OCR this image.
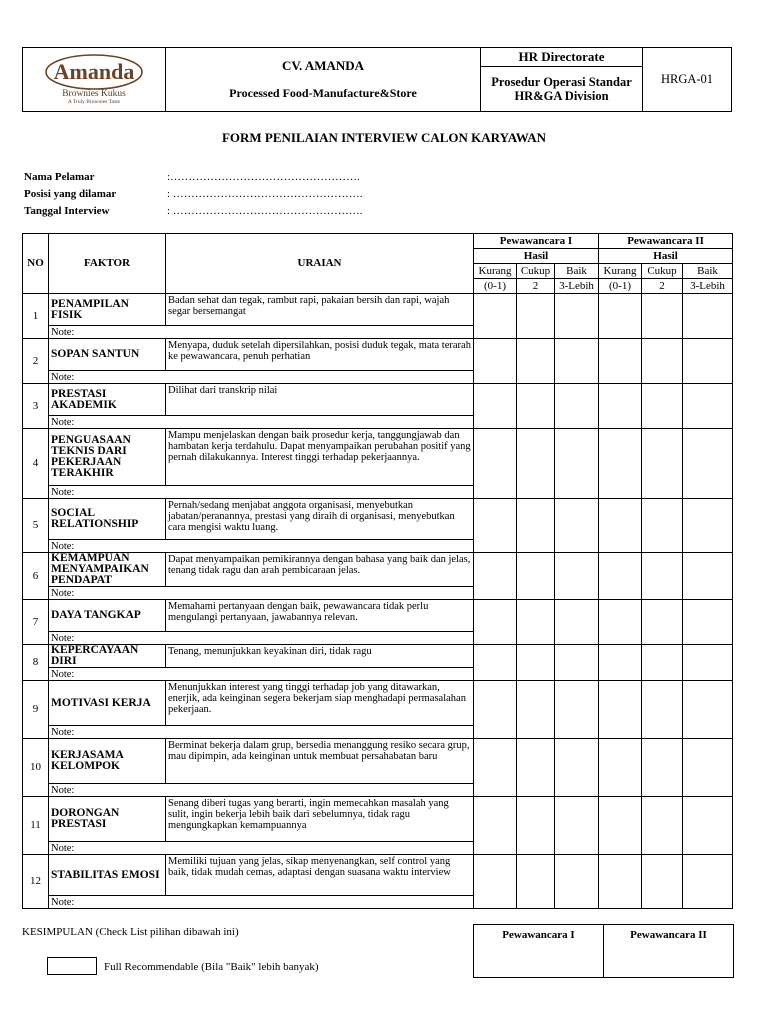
Amanda
Brownies Kukus
A Truly Brownies Taste

CV. AMANDA
Processed Food-Manufacture&Store
	HR Directorate	HRGA-01

Prosedur Operasi Standar
HR&GA Division
FORM PENILAIAN INTERVIEW CALON KARYAWAN
Nama Pelamar	:…………………………………………….
Posisi yang dilamar	: …………………………………………….
Tanggal Interview	: …………………………………………….
NO	FAKTOR	URAIAN	Pewawancara I			Pewawancara II		
			Hasil			Hasil		
			Kurang	Cukup	Baik	Kurang	Cukup	Baik
			(0-1)	2	3-Lebih	(0-1)	2	3-Lebih
1	PENAMPILAN FISIK	Badan sehat dan tegak, rambut rapi, pakaian bersih dan rapi, wajah segar bersemangat						
	Note:							
2	SOPAN SANTUN	Menyapa, duduk setelah dipersilahkan, posisi duduk tegak, mata terarah ke pewawancara, penuh perhatian						
	Note:							
3	PRESTASI AKADEMIK	Dilihat dari transkrip nilai						
	Note:							
4	PENGUASAAN TEKNIS DARI PEKERJAAN TERAKHIR	Mampu menjelaskan dengan baik prosedur kerja, tanggungjawab dan hambatan kerja terdahulu. Dapat menyampaikan perubahan positif yang pernah dilakukannya. Interest tinggi terhadap pekerjaannya.						
	Note:							
5	SOCIAL RELATIONSHIP	Pernah/sedang menjabat anggota organisasi, menyebutkan jabatan/peranannya, prestasi yang diraih di organisasi, menyebutkan cara mengisi waktu luang.						
	Note:							
6	KEMAMPUAN MENYAMPAIKAN PENDAPAT	Dapat menyampaikan pemikirannya dengan bahasa yang baik dan jelas, tenang tidak ragu dan arah pembicaraan jelas.						
	Note:							
7	DAYA TANGKAP	Memahami pertanyaan dengan baik, pewawancara tidak perlu mengulangi pertanyaan, jawabannya relevan.						
	Note:							
8	KEPERCAYAAN DIRI	Tenang, menunjukkan keyakinan diri, tidak ragu						
	Note:							
9	MOTIVASI KERJA	Menunjukkan interest yang tinggi terhadap job yang ditawarkan, enerjik, ada keinginan segera bekerjam siap menghadapi permasalahan pekerjaan.						
	Note:							
10	KERJASAMA KELOMPOK	Berminat bekerja dalam grup, bersedia menanggung resiko secara grup, mau dipimpin, ada keinginan untuk membuat persahabatan baru						
	Note:							
11	DORONGAN PRESTASI	Senang diberi tugas yang berarti, ingin memecahkan masalah yang sulit, ingin bekerja lebih baik dari sebelumnya, tidak ragu mengungkapkan kemampuannya						
	Note:							
12	STABILITAS EMOSI	Memiliki tujuan yang jelas, sikap menyenangkan, self control yang baik, tidak mudah cemas, adaptasi dengan suasana waktu interview						
	Note:							
KESIMPULAN (Check List pilihan dibawah ini)	Pewawancara I	Pewawancara II
Full Recommendable (Bila "Baik" lebih banyak)
